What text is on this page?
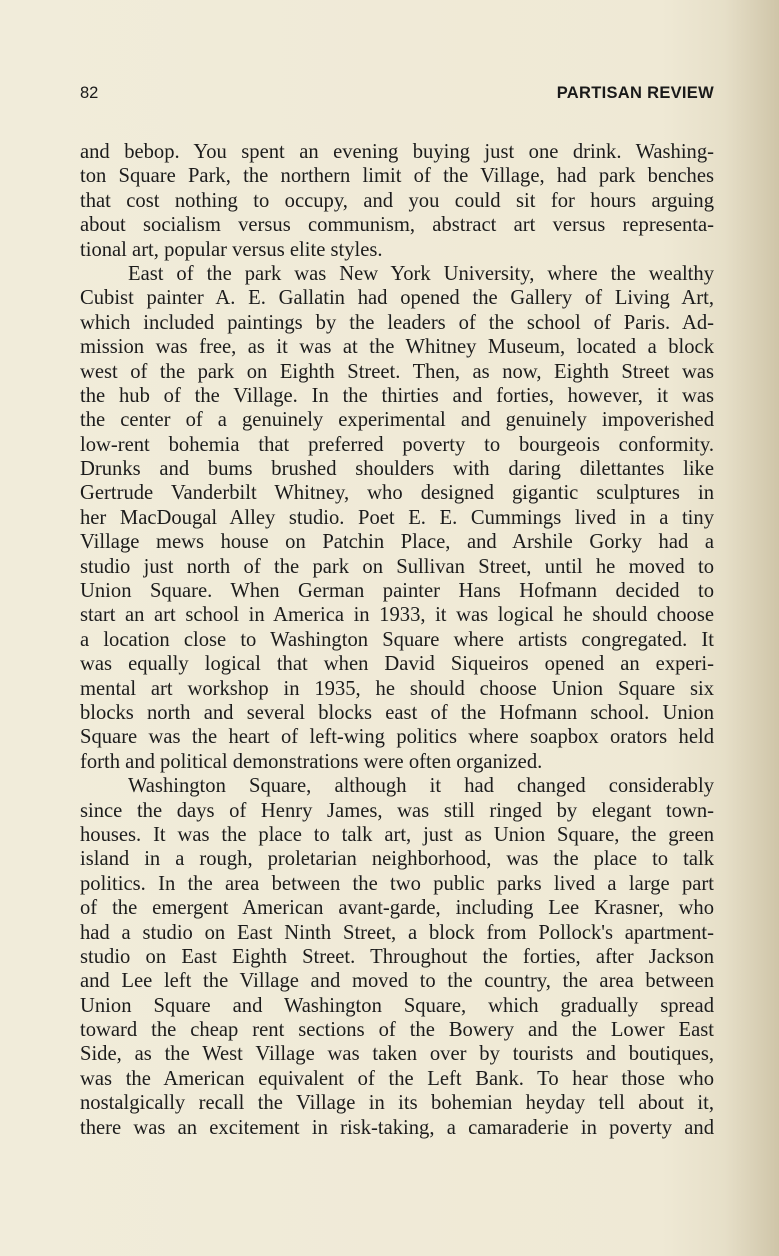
82	PARTISAN REVIEW
and bebop. You spent an evening buying just one drink. Washing-
ton Square Park, the northern limit of the Village, had park benches
that cost nothing to occupy, and you could sit for hours arguing
about socialism versus communism, abstract art versus representa-
tional art, popular versus elite styles.
East of the park was New York University, where the wealthy
Cubist painter A. E. Gallatin had opened the Gallery of Living Art,
which included paintings by the leaders of the school of Paris. Ad-
mission was free, as it was at the Whitney Museum, located a block
west of the park on Eighth Street. Then, as now, Eighth Street was
the hub of the Village. In the thirties and forties, however, it was
the center of a genuinely experimental and genuinely impoverished
low-rent bohemia that preferred poverty to bourgeois conformity.
Drunks and bums brushed shoulders with daring dilettantes like
Gertrude Vanderbilt Whitney, who designed gigantic sculptures in
her MacDougal Alley studio. Poet E. E. Cummings lived in a tiny
Village mews house on Patchin Place, and Arshile Gorky had a
studio just north of the park on Sullivan Street, until he moved to
Union Square. When German painter Hans Hofmann decided to
start an art school in America in 1933, it was logical he should choose
a location close to Washington Square where artists congregated. It
was equally logical that when David Siqueiros opened an experi-
mental art workshop in 1935, he should choose Union Square six
blocks north and several blocks east of the Hofmann school. Union
Square was the heart of left-wing politics where soapbox orators held
forth and political demonstrations were often organized.
Washington Square, although it had changed considerably
since the days of Henry James, was still ringed by elegant town-
houses. It was the place to talk art, just as Union Square, the green
island in a rough, proletarian neighborhood, was the place to talk
politics. In the area between the two public parks lived a large part
of the emergent American avant-garde, including Lee Krasner, who
had a studio on East Ninth Street, a block from Pollock's apartment-
studio on East Eighth Street. Throughout the forties, after Jackson
and Lee left the Village and moved to the country, the area between
Union Square and Washington Square, which gradually spread
toward the cheap rent sections of the Bowery and the Lower East
Side, as the West Village was taken over by tourists and boutiques,
was the American equivalent of the Left Bank. To hear those who
nostalgically recall the Village in its bohemian heyday tell about it,
there was an excitement in risk-taking, a camaraderie in poverty and
